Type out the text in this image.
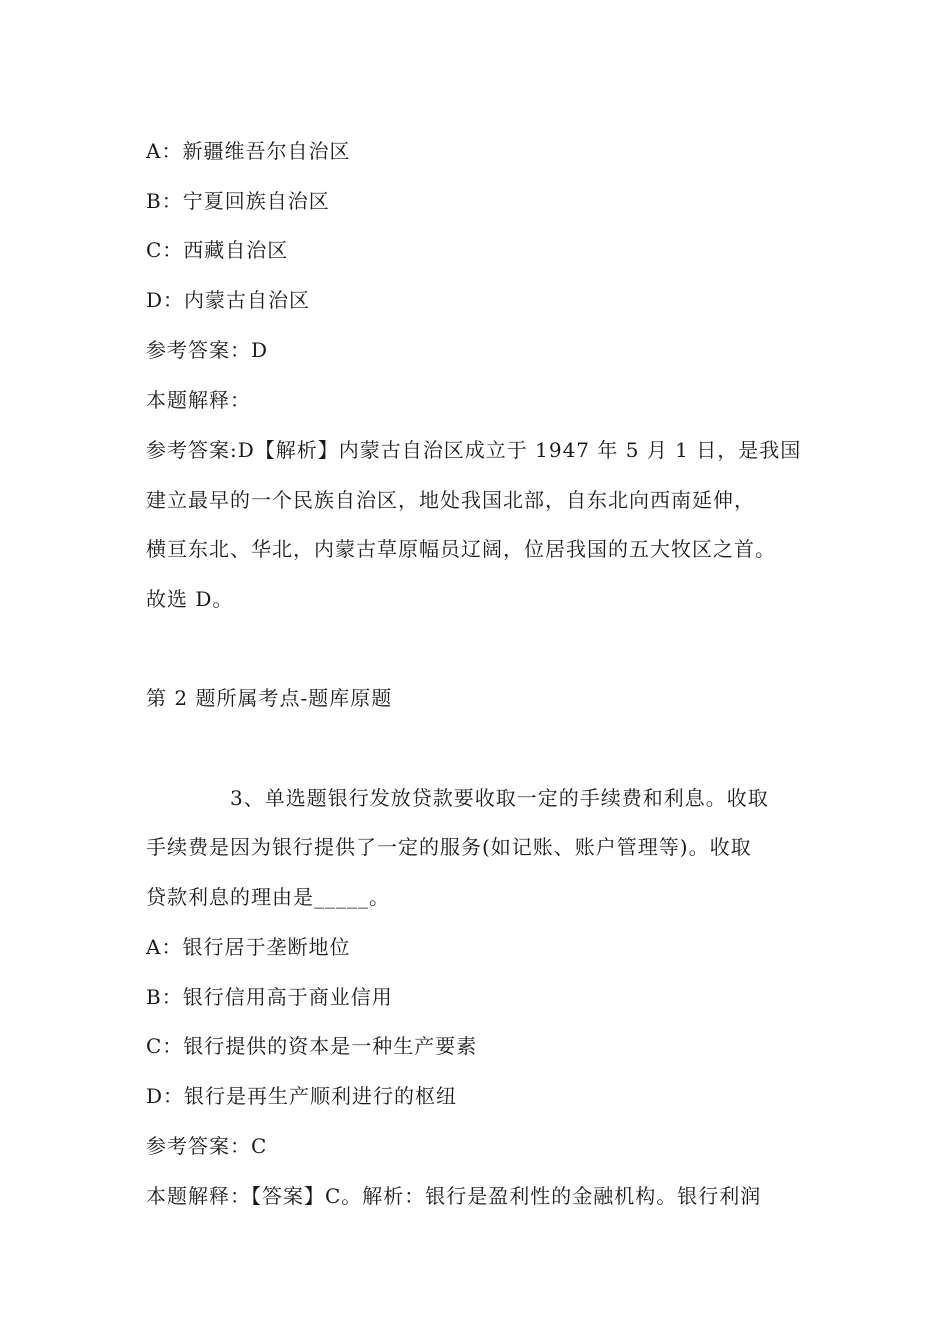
A：新疆维吾尔自治区
B：宁夏回族自治区
C：西藏自治区
D：内蒙古自治区
参考答案：D
本题解释：
参考答案:D【解析】内蒙古自治区成立于 1947 年 5 月 1 日，是我国
建立最早的一个民族自治区，地处我国北部，自东北向西南延伸，
横亘东北、华北，内蒙古草原幅员辽阔，位居我国的五大牧区之首。
故选 D。
第 2 题所属考点-题库原题
3、单选题银行发放贷款要收取一定的手续费和利息。收取
手续费是因为银行提供了一定的服务(如记账、账户管理等)。收取
贷款利息的理由是_____。
A：银行居于垄断地位
B：银行信用高于商业信用
C：银行提供的资本是一种生产要素
D：银行是再生产顺利进行的枢纽
参考答案：C
本题解释：【答案】C。解析：银行是盈利性的金融机构。银行利润
